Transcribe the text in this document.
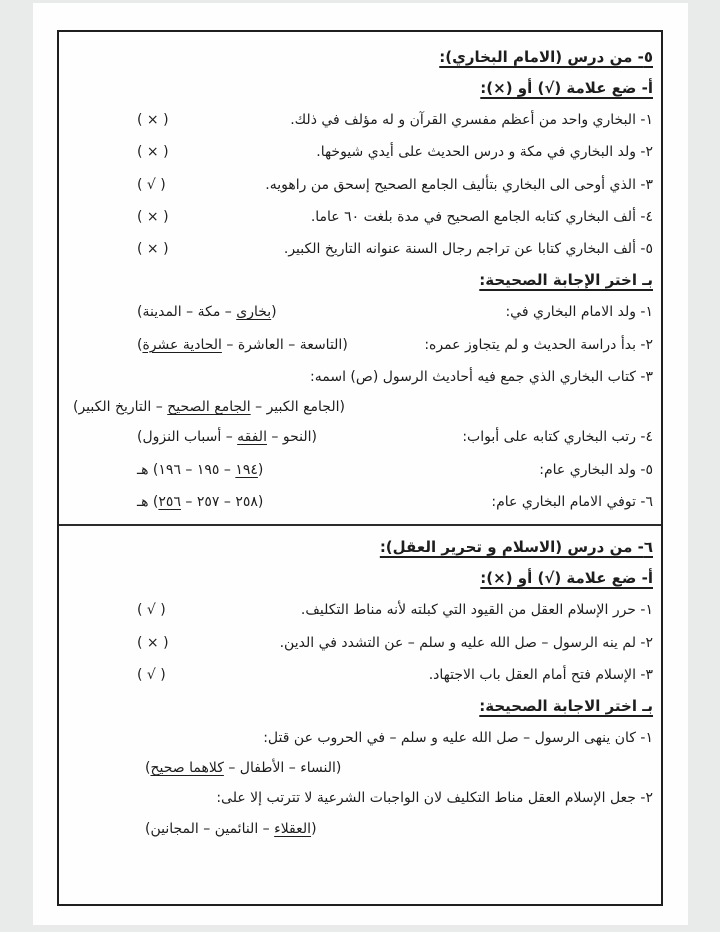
٥- من درس (الامام البخاري):
أ- ضع علامة (√) أو (×):
١- البخاري واحد من أعظم مفسري القرآن و له مؤلف في ذلك.
( × )
٢- ولد البخاري في مكة و درس الحديث على أيدي شيوخها.
( × )
٣- الذي أوحى الى البخاري بتأليف الجامع الصحيح إسحق من راهويه.
( √ )
٤- ألف البخاري كتابه الجامع الصحيح في مدة بلغت ٦٠ عاما.
( × )
٥- ألف البخاري كتابا عن تراجم رجال السنة عنوانه التاريخ الكبير.
( × )
بـ اختر الإجابة الصحيحة:
١- ولد الامام البخاري في:
(بخارى – مكة – المدينة)
٢- بدأ دراسة الحديث و لم يتجاوز عمره:
(التاسعة – العاشرة – الحادية عشرة)
٣- كتاب البخاري الذي جمع فيه أحاديث الرسول (ص) اسمه:
(الجامع الكبير – الجامع الصحيح – التاريخ الكبير)
٤- رتب البخاري كتابه على أبواب:
(النحو – الفقه – أسباب النزول)
٥- ولد البخاري عام:
(١٩٤ – ١٩٥ – ١٩٦) هـ
٦- توفي الامام البخاري عام:
(٢٥٨ – ٢٥٧ – ٢٥٦) هـ
٦- من درس (الاسلام و تحرير العقل):
أ- ضع علامة (√) أو (×):
١- حرر الإسلام العقل من القيود التي كبلته لأنه مناط التكليف.
( √ )
٢- لم ينه الرسول – صل الله عليه و سلم – عن التشدد في الدين.
( × )
٣- الإسلام فتح أمام العقل باب الاجتهاد.
( √ )
بـ اختر الاجابة الصحيحة:
١- كان ينهى الرسول – صل الله عليه و سلم – في الحروب عن قتل:
(النساء – الأطفال – كلاهما صحيح)
٢- جعل الإسلام العقل مناط التكليف لان الواجبات الشرعية لا تترتب إلا على:
(العقلاء – النائمين – المجانين)
